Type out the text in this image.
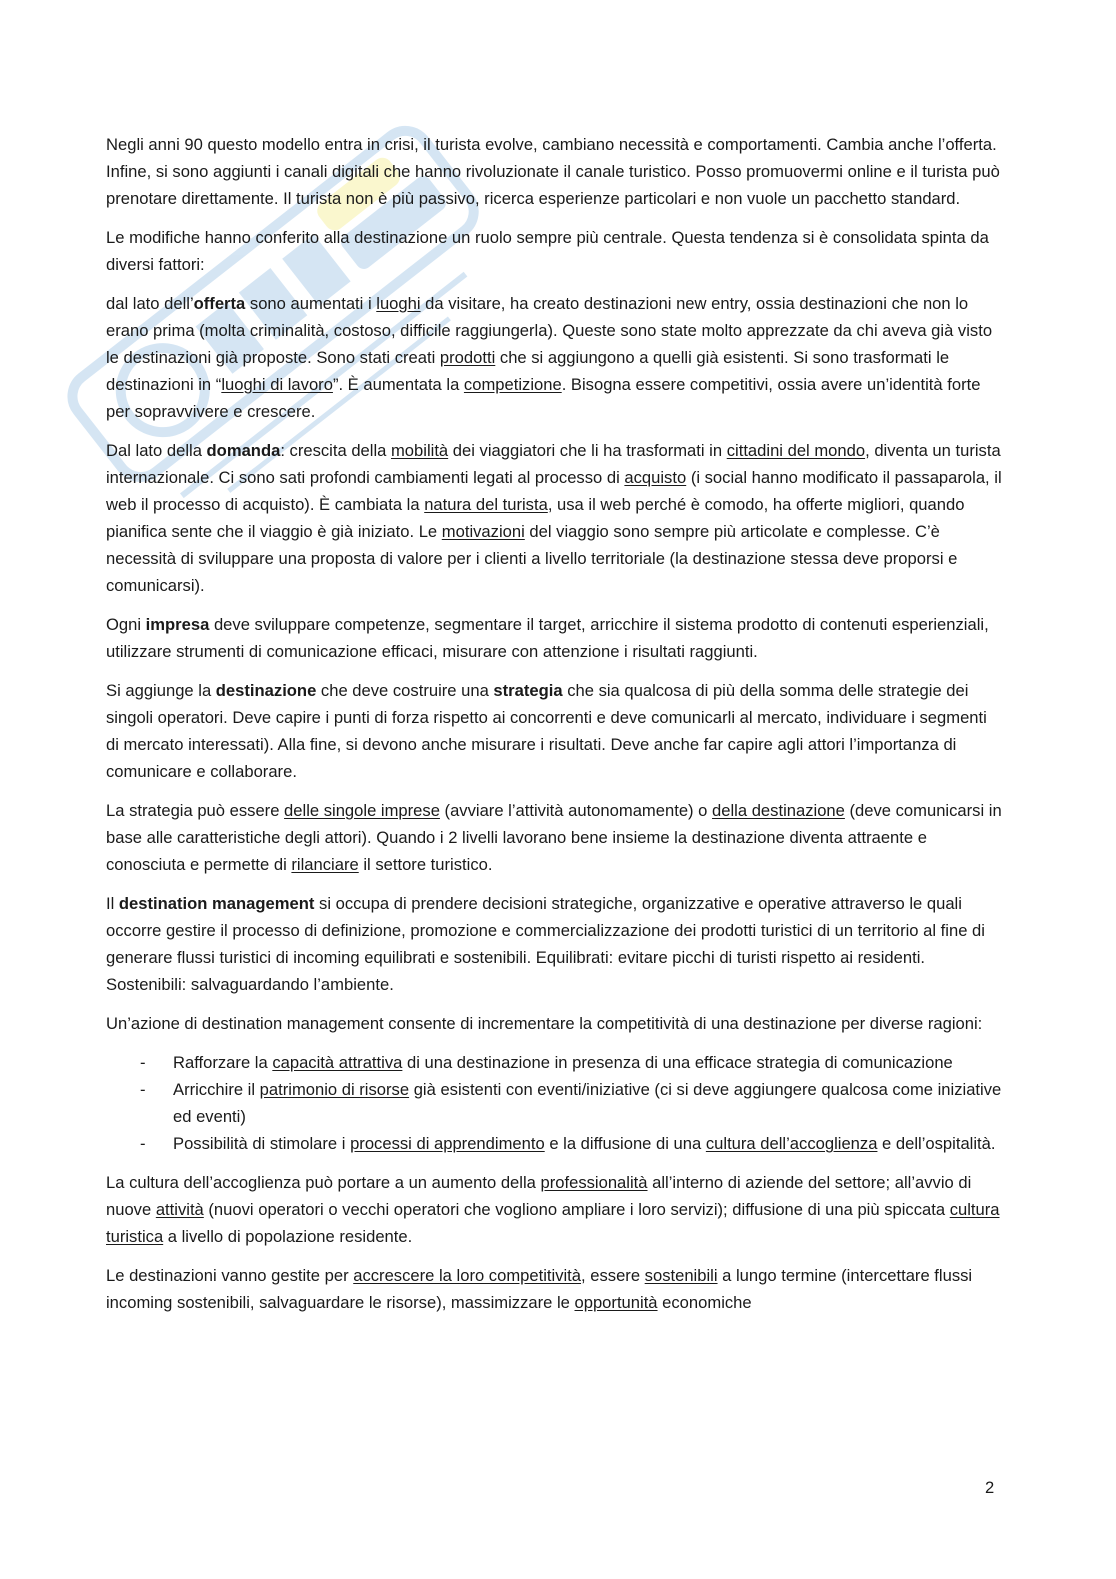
Negli anni 90 questo modello entra in crisi, il turista evolve, cambiano necessità e comportamenti. Cambia anche l’offerta. Infine, si sono aggiunti i canali digitali che hanno rivoluzionate il canale turistico. Posso promuovermi online e il turista può prenotare direttamente. Il turista non è più passivo, ricerca esperienze particolari e non vuole un pacchetto standard.

Le modifiche hanno conferito alla destinazione un ruolo sempre più centrale. Questa tendenza si è consolidata spinta da diversi fattori:

dal lato dell’offerta sono aumentati i luoghi da visitare, ha creato destinazioni new entry, ossia destinazioni che non lo erano prima (molta criminalità, costoso, difficile raggiungerla). Queste sono state molto apprezzate da chi aveva già visto le destinazioni già proposte. Sono stati creati prodotti che si aggiungono a quelli già esistenti. Si sono trasformati le destinazioni in “luoghi di lavoro”. È aumentata la competizione. Bisogna essere competitivi, ossia avere un’identità forte per sopravvivere e crescere.

Dal lato della domanda: crescita della mobilità dei viaggiatori che li ha trasformati in cittadini del mondo, diventa un turista internazionale. Ci sono sati profondi cambiamenti legati al processo di acquisto (i social hanno modificato il passaparola, il web il processo di acquisto). È cambiata la natura del turista, usa il web perché è comodo, ha offerte migliori, quando pianifica sente che il viaggio è già iniziato. Le motivazioni del viaggio sono sempre più articolate e complesse. C’è necessità di sviluppare una proposta di valore per i clienti a livello territoriale (la destinazione stessa deve proporsi e comunicarsi).

Ogni impresa deve sviluppare competenze, segmentare il target, arricchire il sistema prodotto di contenuti esperienziali, utilizzare strumenti di comunicazione efficaci, misurare con attenzione i risultati raggiunti.

Si aggiunge la destinazione che deve costruire una strategia che sia qualcosa di più della somma delle strategie dei singoli operatori. Deve capire i punti di forza rispetto ai concorrenti e deve comunicarli al mercato, individuare i segmenti di mercato interessati). Alla fine, si devono anche misurare i risultati. Deve anche far capire agli attori l’importanza di comunicare e collaborare.

La strategia può essere delle singole imprese (avviare l’attività autonomamente) o della destinazione (deve comunicarsi in base alle caratteristiche degli attori). Quando i 2 livelli lavorano bene insieme la destinazione diventa attraente e conosciuta e permette di rilanciare il settore turistico.

Il destination management si occupa di prendere decisioni strategiche, organizzative e operative attraverso le quali occorre gestire il processo di definizione, promozione e commercializzazione dei prodotti turistici di un territorio al fine di generare flussi turistici di incoming equilibrati e sostenibili. Equilibrati: evitare picchi di turisti rispetto ai residenti. Sostenibili: salvaguardando l’ambiente.

Un’azione di destination management consente di incrementare la competitività di una destinazione per diverse ragioni:

- Rafforzare la capacità attrattiva di una destinazione in presenza di una efficace strategia di comunicazione
- Arricchire il patrimonio di risorse già esistenti con eventi/iniziative (ci si deve aggiungere qualcosa come iniziative ed eventi)
- Possibilità di stimolare i processi di apprendimento e la diffusione di una cultura dell’accoglienza e dell’ospitalità.

La cultura dell’accoglienza può portare a un aumento della professionalità all’interno di aziende del settore; all’avvio di nuove attività (nuovi operatori o vecchi operatori che vogliono ampliare i loro servizi); diffusione di una più spiccata cultura turistica a livello di popolazione residente.

Le destinazioni vanno gestite per accrescere la loro competitività, essere sostenibili a lungo termine (intercettare flussi incoming sostenibili, salvaguardare le risorse), massimizzare le opportunità economiche

2
